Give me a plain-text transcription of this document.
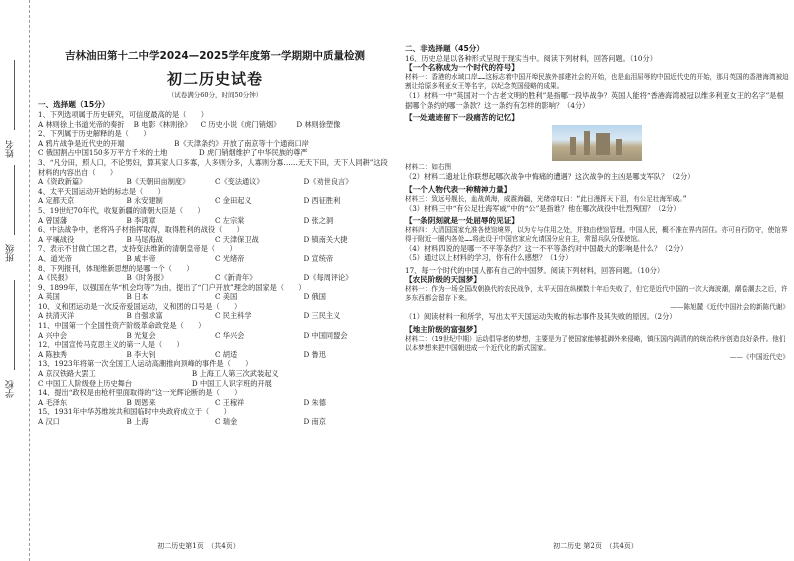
姓名
班级
学校
吉林油田第十二中学2024—2025学年度第一学期期中质量检测
初二历史试卷
（试卷满分60分，时间50分钟）
一、选择题（15分）
1、下列选项属于历史研究，可信度最高的是（　　）
A 林则徐上书道光帝的奏折	B 电影《林则徐》	C 历史小说《虎门销烟》	D 林则徐塑像
2、下列属于历史解释的是（　　）
A 鸦片战争是近代史的开端	B《天津条约》开放了南京等十个通商口岸
C 俄国割占中国150多万平方千米的土地	D 虎门销烟维护了中华民族的尊严
3、“凡分田，照人口，不论男妇，算其家人口多寡，人多则分多，人寡则分寡……无天下田，天下人同耕”这段材料的内容出自（　　）
A《资政新篇》	B《天朝田亩制度》	C《变法通议》	D《劝世良言》
4、太平天国运动开始的标志是（　　）
A 定都天京	B 永安建制	C 金田起义	D 西征胜利
5、19世纪70年代，收复新疆的清朝大臣是（　　）
A 曾国藩	B 李鸿章	C 左宗棠	D 张之洞
6、中法战争中，老将冯子材指挥取得，取得胜利的战役（　　）
A 平壤战役	B 马尾海战	C 天津保卫战	D 镇南关大捷
7、表示不甘做亡国之君，支持变法维新的清朝皇帝是（　　）
A、道光帝	B 咸丰帝	C 光绪帝	D 宣统帝
8、下列报刊，体现维新思想的是哪一个（　　）
A《民报》	B《时务报》	C《新青年》	D《每周评论》
9、1899年，以强国在华“机会均等”为由，提出了“门户开放”理念的国家是（　　）
A 英国	B 日本	C 美国	D 俄国
10、义和团运动是一次反帝爱国运动，义和团的口号是（　　）
A 扶清灭洋	B 自强求富	C 民主科学	D 三民主义
11、中国第一个全国性资产阶级革命政党是（　　）
A 兴中会	B 光复会	C 华兴会	D 中国同盟会
12、中国宣传马克思主义的第一人是（　　）
A 陈独秀	B 李大钊	C 胡适	D 鲁迅
13、1923年将第一次全国工人运动高潮推向顶峰的事件是（　　）
A 京汉铁路大罢工	B 上海工人第三次武装起义
C 中国工人阶级登上历史舞台	D 中国工人识字班的开展
14、提出“政权是由枪杆里面取得的”这一光辉论断的是（　　）
A 毛泽东	B 周恩来	C 王稼祥	D 朱德
15、1931年中华苏维埃共和国临时中央政府成立于（　　）
A 汉口	B 上海	C 瑞金	D 南京
初二历史第1页　（共4页）
二、非选择题（45分）
16、历史总是以各种形式呈现于现实当中。阅读下列材料，回答问题。（10分）
【一个名称成为一个时代的符号】
材料一：香港的水域口岸……这标志着中国开埠民族外部建社会的开始，也是血泪屈辱的中国近代史的开始，那月英国的香港海湾被迫割让给原多利亚女王等名字，以纪念英国侵略的成果。
（1）材料一中“英国对一个古老文明的胜利”是指哪一段毕战争？英国人能将“香港海湾被冠以维多利亚女王的名字”是根据哪个条约的哪一条款？这一条约有怎样的影响？（4分）
【一处遗迹留下一段痛苦的记忆】
材料二：如右图
（2）材料二遗址让你联想起哪次战争中悔痛的遭遇？这次战争的主凶是哪支军队？（2分）
【一个人物代表一种精神力量】
材料三：致远号舰长，血战黄海，威震海疆，光绪帝叹曰：“此日漫挥天下泪，有公足壮海军威。”
（3）材料三中“有公足壮海军威”中的“公”是指谁？他在哪次战役中壮烈殉国？（2分）
【一条阴刻就是一处屈辱的见证】
材料四：大清国国家允准各使馆境界，以为专与住用之处，并独由使馆管理。中国人民，概不准在界内居住。亦可自行防守，使馆界得于附近一圈内各处……将此设于中国官家应允请国分应自主，常留兵队分保使馆。
（4）材料四说的是哪一不平等条约？这一不平等条约对中国最大的影响是什么？（2分）
（5）通过以上材料的学习，你有什么感想？（1分）
17、每一个时代的中国人都有自己的中国梦。阅读下列材料，回答问题。（10分）
【农民阶级的天国梦】
材料一：作为一场全国改朝换代的农民战争，太平天国在纵横数十年后失败了，但它是近代中国的一次大海波潮，潮卷潮去之后，许多东西都会留存下来。
——陈旭麓《近代中国社会的新陈代谢》
（1）阅读材料一和所学，写出太平天国运动失败的标志事件及其失败的原因。（2分）
【地主阶级的富强梦】
材料二：（19世纪中期）运动倡导者的梦想，主要是为了使国家能够抵御外来侵略，镇压国内满清的的统治秩序创造良好条件。他们以本梦想来把中国朝进成一个近代化的新式国家。
——《中国近代史》
初二历史 第2页　（共4页）
